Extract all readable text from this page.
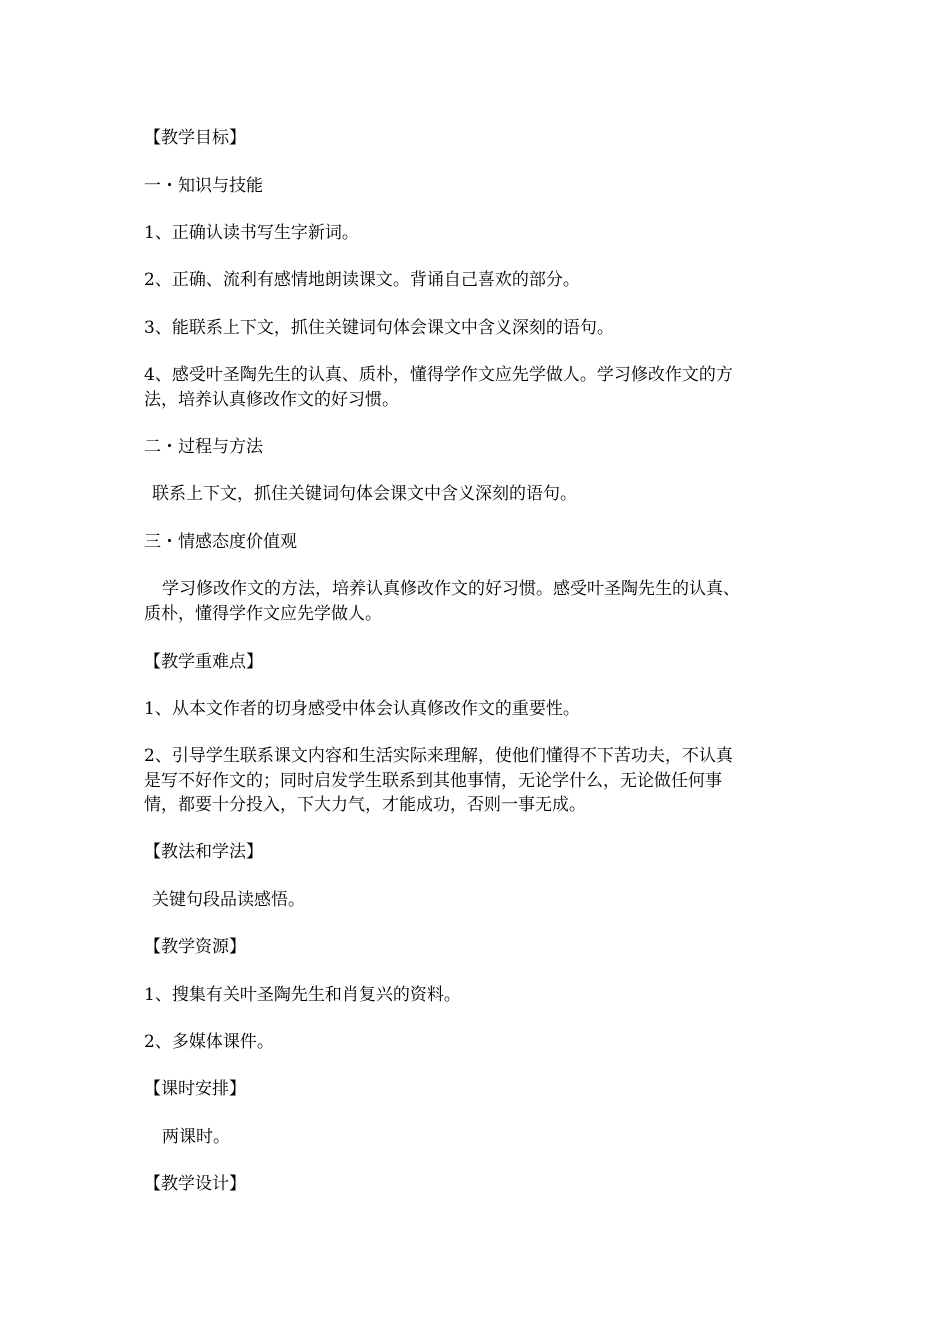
【教学目标】
一・知识与技能
1、正确认读书写生字新词。
2、正确、流利有感情地朗读课文。背诵自己喜欢的部分。
3、能联系上下文，抓住关键词句体会课文中含义深刻的语句。
4、感受叶圣陶先生的认真、质朴，懂得学作文应先学做人。学习修改作文的方
法，培养认真修改作文的好习惯。
二・过程与方法
联系上下文，抓住关键词句体会课文中含义深刻的语句。
三・情感态度价值观
学习修改作文的方法，培养认真修改作文的好习惯。感受叶圣陶先生的认真、
质朴，懂得学作文应先学做人。
【教学重难点】
1、从本文作者的切身感受中体会认真修改作文的重要性。
2、引导学生联系课文内容和生活实际来理解，使他们懂得不下苦功夫，不认真
是写不好作文的；同时启发学生联系到其他事情，无论学什么，无论做任何事
情，都要十分投入，下大力气，才能成功，否则一事无成。
【教法和学法】
关键句段品读感悟。
【教学资源】
1、搜集有关叶圣陶先生和肖复兴的资料。
2、多媒体课件。
【课时安排】
两课时。
【教学设计】
